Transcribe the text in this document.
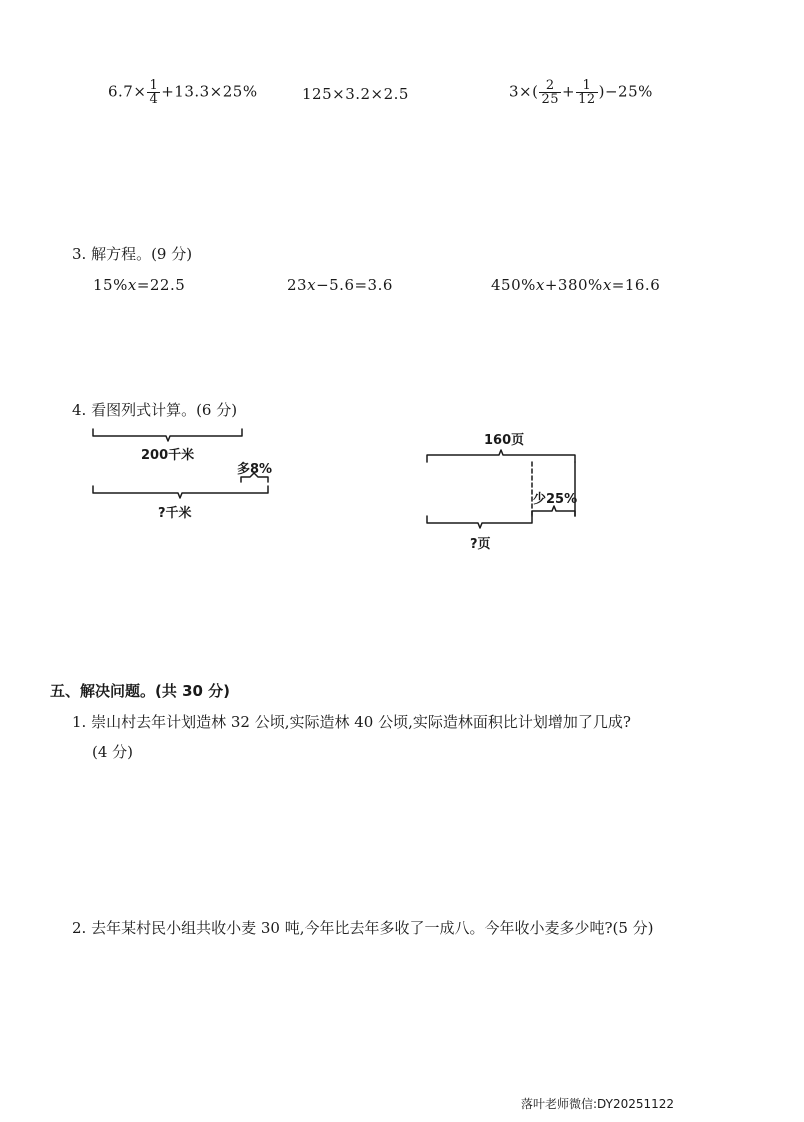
$6.7\times \frac{1}{4} +13.3\times 25\%$	125×3.2×2.5	$3\times( \frac{2}{25} + \frac{1}{12} )-25\%$
3. 解方程。(9 分)
15%x=22.5	23x−5.6=3.6	450%x+380%x=16.6
4. 看图列式计算。(6 分)
200千米
多8%
?千米
160页
少25%
?页
五、解决问题。(共 30 分)
1. 崇山村去年计划造林 32 公顷,实际造林 40 公顷,实际造林面积比计划增加了几成?
(4 分)
2. 去年某村民小组共收小麦 30 吨,今年比去年多收了一成八。今年收小麦多少吨?(5 分)
落叶老师微信:DY20251122
